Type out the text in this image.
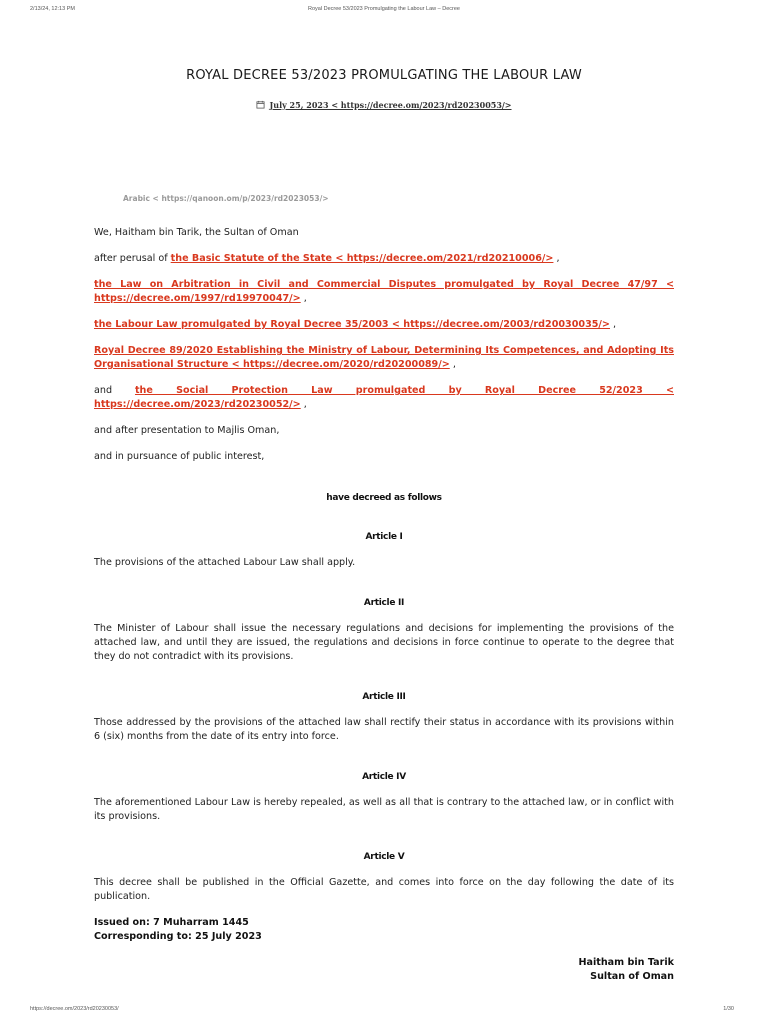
2/13/24, 12:13 PM	Royal Decree 53/2023 Promulgating the Labour Law – Decree
ROYAL DECREE 53/2023 PROMULGATING THE LABOUR LAW
July 25, 2023 < https://decree.om/2023/rd20230053/>
Arabic < https://qanoon.om/p/2023/rd2023053/>

We, Haitham bin Tarik, the Sultan of Oman

after perusal of the Basic Statute of the State < https://decree.om/2021/rd20210006/> ,

the Law on Arbitration in Civil and Commercial Disputes promulgated by Royal Decree 47/97 < https://decree.om/1997/rd19970047/> ,

the Labour Law promulgated by Royal Decree 35/2003 < https://decree.om/2003/rd20030035/> ,

Royal Decree 89/2020 Establishing the Ministry of Labour, Determining Its Competences, and Adopting Its Organisational Structure < https://decree.om/2020/rd20200089/> ,

and the Social Protection Law promulgated by Royal Decree 52/2023 < https://decree.om/2023/rd20230052/> ,

and after presentation to Majlis Oman,

and in pursuance of public interest,

have decreed as follows

Article I

The provisions of the attached Labour Law shall apply.

Article II

The Minister of Labour shall issue the necessary regulations and decisions for implementing the provisions of the attached law, and until they are issued, the regulations and decisions in force continue to operate to the degree that they do not contradict with its provisions.

Article III

Those addressed by the provisions of the attached law shall rectify their status in accordance with its provisions within 6 (six) months from the date of its entry into force.

Article IV

The aforementioned Labour Law is hereby repealed, as well as all that is contrary to the attached law, or in conflict with its provisions.

Article V

This decree shall be published in the Official Gazette, and comes into force on the day following the date of its publication.

Issued on: 7 Muharram 1445

Corresponding to: 25 July 2023

Haitham bin Tarik

Sultan of Oman

https://decree.om/2023/rd20230053/	1/30
